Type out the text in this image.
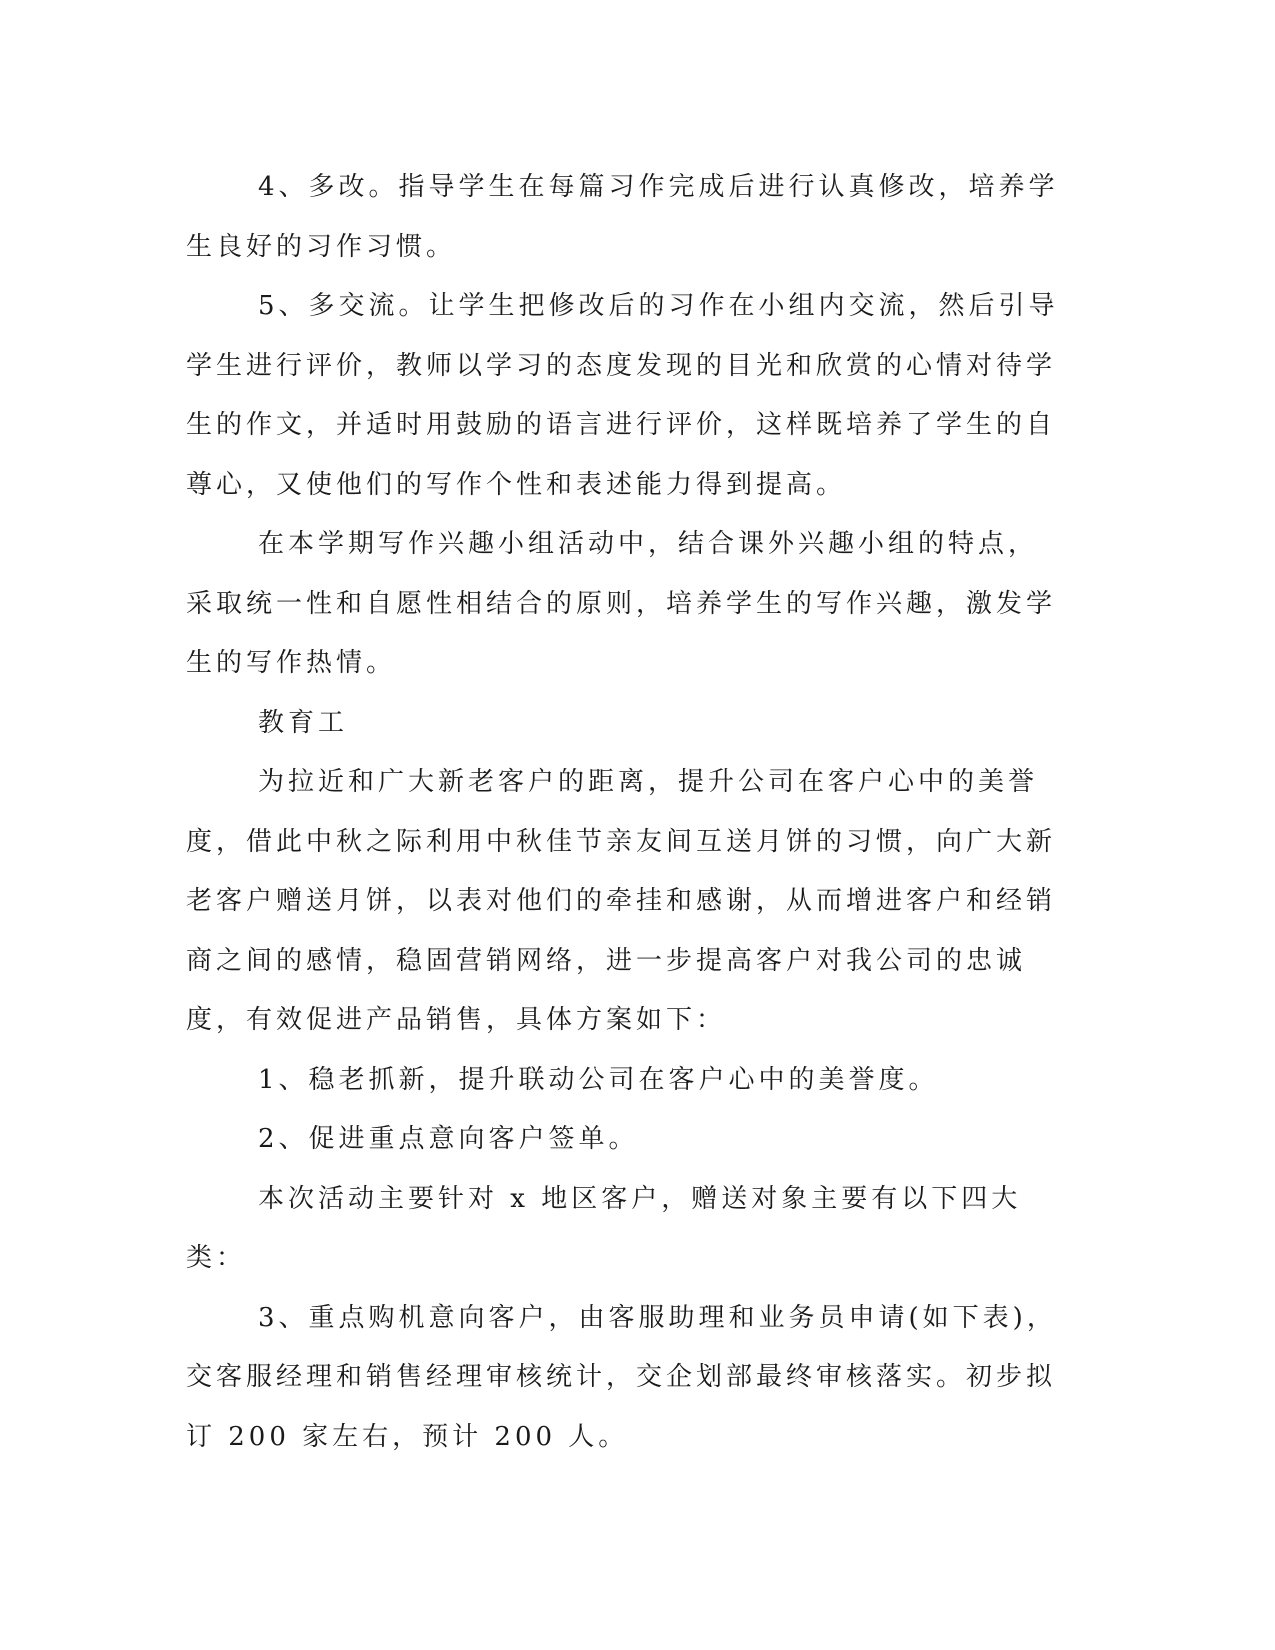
4、多改。指导学生在每篇习作完成后进行认真修改，培养学生良好的习作习惯。

5、多交流。让学生把修改后的习作在小组内交流，然后引导学生进行评价，教师以学习的态度发现的目光和欣赏的心情对待学生的作文，并适时用鼓励的语言进行评价，这样既培养了学生的自尊心，又使他们的写作个性和表述能力得到提高。

在本学期写作兴趣小组活动中，结合课外兴趣小组的特点，采取统一性和自愿性相结合的原则，培养学生的写作兴趣，激发学生的写作热情。

教育工

为拉近和广大新老客户的距离，提升公司在客户心中的美誉度，借此中秋之际利用中秋佳节亲友间互送月饼的习惯，向广大新老客户赠送月饼，以表对他们的牵挂和感谢，从而增进客户和经销商之间的感情，稳固营销网络，进一步提高客户对我公司的忠诚度，有效促进产品销售，具体方案如下：

1、稳老抓新，提升联动公司在客户心中的美誉度。

2、促进重点意向客户签单。

本次活动主要针对 x 地区客户，赠送对象主要有以下四大类：

3、重点购机意向客户，由客服助理和业务员申请(如下表)，交客服经理和销售经理审核统计，交企划部最终审核落实。初步拟订 200 家左右，预计 200 人。
